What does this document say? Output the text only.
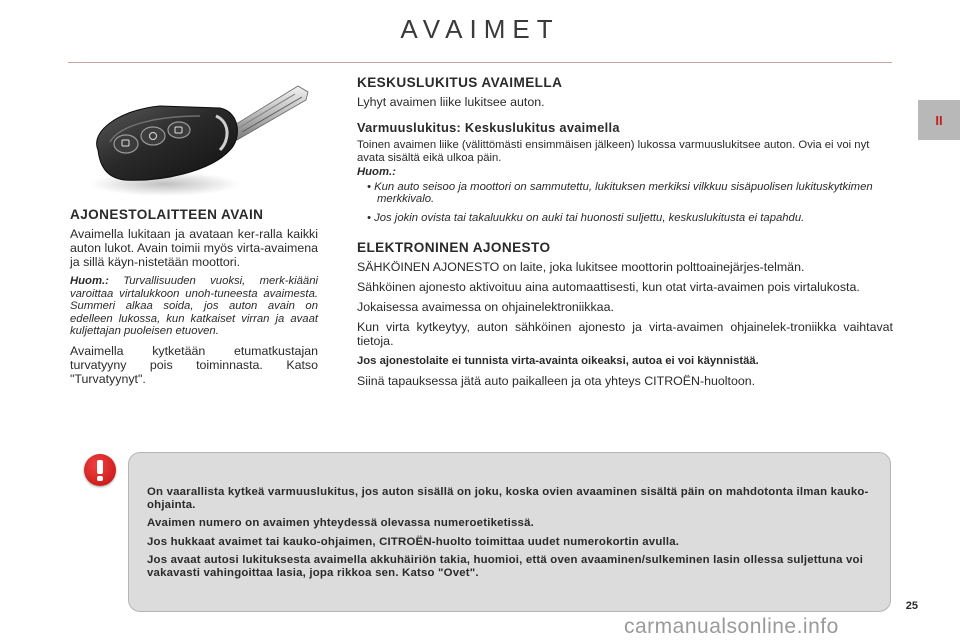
AVAIMET
II
AJONESTOLAITTEEN AVAIN

Avaimella lukitaan ja avataan ker-ralla kaikki auton lukot. Avain toimii myös virta-avaimena ja sillä käyn-nistetään moottori.

Huom.: Turvallisuuden vuoksi, merk-kiääni varoittaa virtalukkoon unoh-tuneesta avaimesta. Summeri alkaa soida, jos auton avain on edelleen lukossa, kun katkaiset virran ja avaat kuljettajan puoleisen etuoven.

Avaimella kytketään etumatkustajan turvatyyny pois toiminnasta. Katso "Turvatyynyt".

KESKUSLUKITUS AVAIMELLA

Lyhyt avaimen liike lukitsee auton.

Varmuuslukitus: Keskuslukitus avaimella

Toinen avaimen liike (välittömästi ensimmäisen jälkeen) lukossa varmuuslukitsee auton. Ovia ei voi nyt avata sisältä eikä ulkoa päin.

Huom.:

• Kun auto seisoo ja moottori on sammutettu, lukituksen merkiksi vilkkuu sisäpuolisen lukituskytkimen merkkivalo.

• Jos jokin ovista tai takaluukku on auki tai huonosti suljettu, keskuslukitusta ei tapahdu.

ELEKTRONINEN AJONESTO

SÄHKÖINEN AJONESTO on laite, joka lukitsee moottorin polttoainejärjes-telmän.

Sähköinen ajonesto aktivoituu aina automaattisesti, kun otat virta-avaimen pois virtalukosta.

Jokaisessa avaimessa on ohjainelektroniikkaa.

Kun virta kytkeytyy, auton sähköinen ajonesto ja virta-avaimen ohjainelek-troniikka vaihtavat tietoja.

Jos ajonestolaite ei tunnista virta-avainta oikeaksi, autoa ei voi käynnistää.

Siinä tapauksessa jätä auto paikalleen ja ota yhteys CITROËN-huoltoon.

On vaarallista kytkeä varmuuslukitus, jos auton sisällä on joku, koska ovien avaaminen sisältä päin on mahdotonta ilman kauko-ohjainta.

Avaimen numero on avaimen yhteydessä olevassa numeroetiketissä.

Jos hukkaat avaimet tai kauko-ohjaimen, CITROËN-huolto toimittaa uudet numerokortin avulla.

Jos avaat autosi lukituksesta avaimella akkuhäiriön takia, huomioi, että oven avaaminen/sulkeminen lasin ollessa suljettuna voi vakavasti vahingoittaa lasia, jopa rikkoa sen. Katso "Ovet".

25
carmanualsonline.info
